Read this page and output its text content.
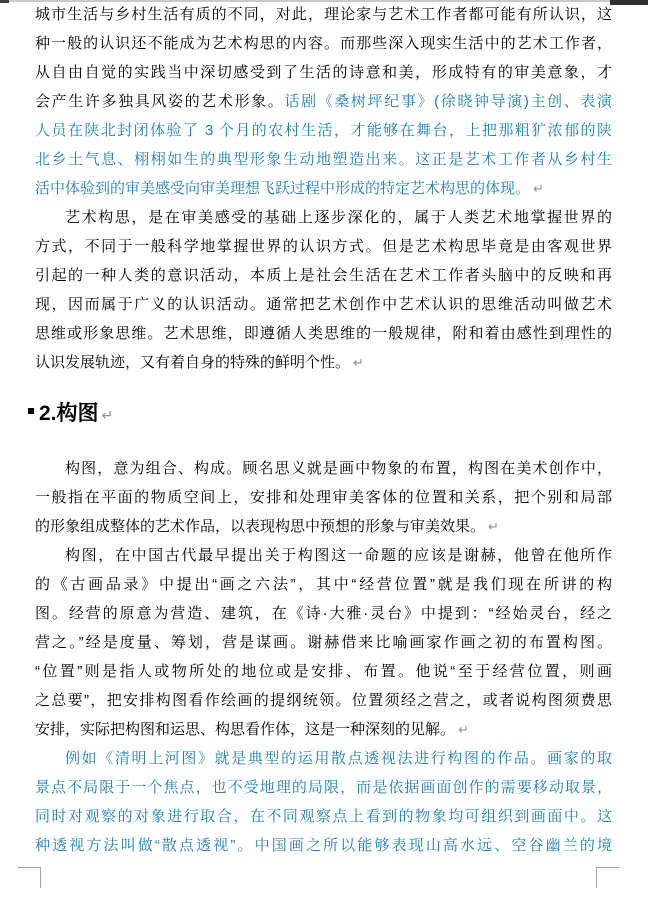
城市生活与乡村生活有质的不同，对此，理论家与艺术工作者都可能有所认识，这
种一般的认识还不能成为艺术构思的内容。而那些深入现实生活中的艺术工作者，
从自由自觉的实践当中深切感受到了生活的诗意和美，形成特有的审美意象，才
会产生许多独具风姿的艺术形象。话剧《桑树坪纪事》(徐晓钟导演)主创、表演
人员在陕北封闭体验了 3 个月的农村生活，才能够在舞台，上把那粗犷浓郁的陕
北乡土气息、栩栩如生的典型形象生动地塑造出来。这正是艺术工作者从乡村生
活中体验到的审美感受向审美理想飞跃过程中形成的特定艺术构思的体现。 ↵
艺术构思，是在审美感受的基础上逐步深化的，属于人类艺术地掌握世界的
方式，不同于一般科学地掌握世界的认识方式。但是艺术构思毕竟是由客观世界
引起的一种人类的意识活动，本质上是社会生活在艺术工作者头脑中的反映和再
现，因而属于广义的认识活动。通常把艺术创作中艺术认识的思维活动叫做艺术
思维或形象思维。艺术思维，即遵循人类思维的一般规律，附和着由感性到理性的
认识发展轨迹，又有着自身的特殊的鲜明个性。 ↵
2.构图 ↵
构图，意为组合、构成。顾名思义就是画中物象的布置，构图在美术创作中，
一般指在平面的物质空间上，安排和处理审美客体的位置和关系，把个别和局部
的形象组成整体的艺术作品，以表现构思中预想的形象与审美效果。 ↵
构图，在中国古代最早提出关于构图这一命题的应该是谢赫，他曾在他所作
的《古画品录》中提出“画之六法”，其中“经营位置”就是我们现在所讲的构
图。经营的原意为营造、建筑，在《诗·大雅·灵台》中提到：“经始灵台，经之
营之。”经是度量、筹划，营是谋画。谢赫借来比喻画家作画之初的布置构图。
“位置”则是指人或物所处的地位或是安排、布置。他说“至于经营位置，则画
之总要”，把安排构图看作绘画的提纲统领。位置须经之营之，或者说构图须费思
安排，实际把构图和运思、构思看作体，这是一种深刻的见解。 ↵
例如《清明上河图》就是典型的运用散点透视法进行构图的作品。画家的取
景点不局限于一个焦点，也不受地理的局限，而是依据画面创作的需要移动取景，
同时对观察的对象进行取合，在不同观察点上看到的物象均可组织到画面中。这
种透视方法叫做“散点透视”。中国画之所以能够表现山高水远、空谷幽兰的境
